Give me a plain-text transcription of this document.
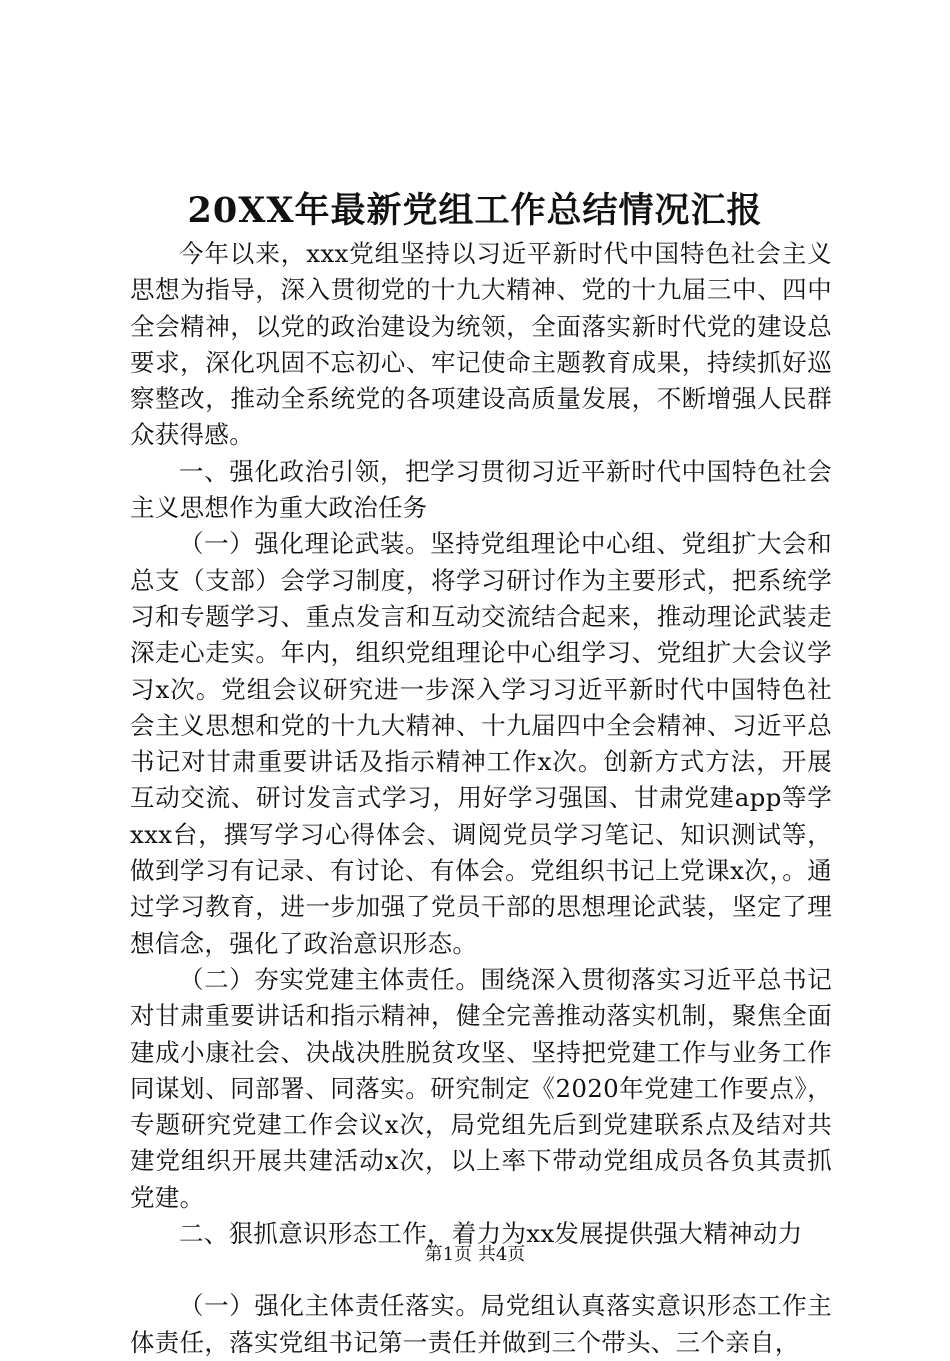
20XX年最新党组工作总结情况汇报

今年以来，xxx党组坚持以习近平新时代中国特色社会主义思想为指导，深入贯彻党的十九大精神、党的十九届三中、四中全会精神，以党的政治建设为统领，全面落实新时代党的建设总要求，深化巩固不忘初心、牢记使命主题教育成果，持续抓好巡察整改，推动全系统党的各项建设高质量发展，不断增强人民群众获得感。

一、强化政治引领，把学习贯彻习近平新时代中国特色社会主义思想作为重大政治任务

（一）强化理论武装。坚持党组理论中心组、党组扩大会和总支（支部）会学习制度，将学习研讨作为主要形式，把系统学习和专题学习、重点发言和互动交流结合起来，推动理论武装走深走心走实。年内，组织党组理论中心组学习、党组扩大会议学习x次。党组会议研究进一步深入学习习近平新时代中国特色社会主义思想和党的十九大精神、十九届四中全会精神、习近平总书记对甘肃重要讲话及指示精神工作x次。创新方式方法，开展互动交流、研讨发言式学习，用好学习强国、甘肃党建app等学xxx台，撰写学习心得体会、调阅党员学习笔记、知识测试等，做到学习有记录、有讨论、有体会。党组织书记上党课x次，。通过学习教育，进一步加强了党员干部的思想理论武装，坚定了理想信念，强化了政治意识形态。

（二）夯实党建主体责任。围绕深入贯彻落实习近平总书记对甘肃重要讲话和指示精神，健全完善推动落实机制，聚焦全面建成小康社会、决战决胜脱贫攻坚、坚持把党建工作与业务工作同谋划、同部署、同落实。研究制定《2020年党建工作要点》，专题研究党建工作会议x次，局党组先后到党建联系点及结对共建党组织开展共建活动x次，以上率下带动党组成员各负其责抓党建。

二、狠抓意识形态工作，着力为xx发展提供强大精神动力

（一）强化主体责任落实。局党组认真落实意识形态工作主体责任，落实党组书记第一责任并做到三个带头、三个亲自，

第1页 共4页
